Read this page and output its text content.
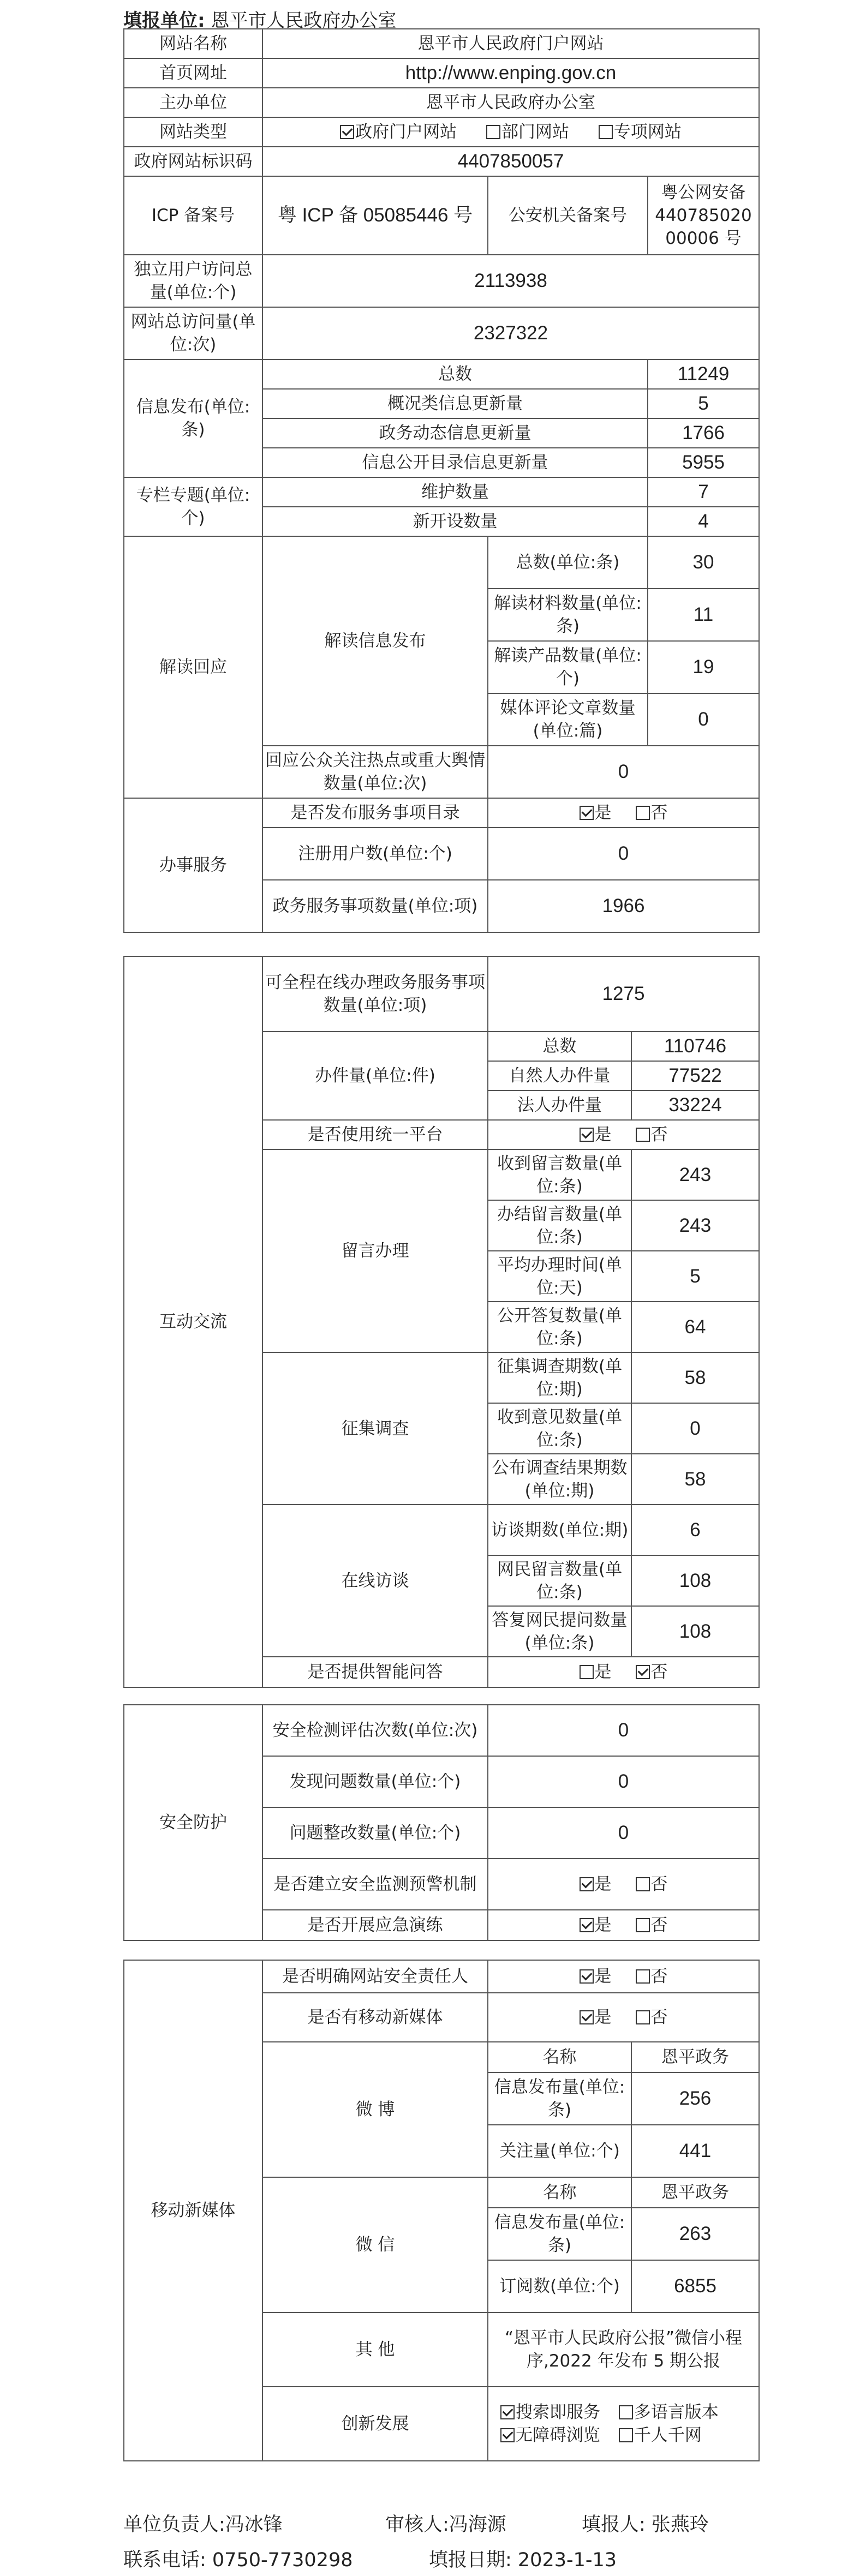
填报单位: 恩平市人民政府办公室
网站名称	恩平市人民政府门户网站		
首页网址	http://www.enping.gov.cn		
主办单位	恩平市人民政府办公室		
网站类型	政府门户网站 部门网站 专项网站		
政府网站标识码	4407850057		
ICP 备案号	粤 ICP 备 05085446 号	公安机关备案号	粤公网安备 440785020 00006 号
独立用户访问总量(单位:个)	2113938		
网站总访问量(单位:次)	2327322		
信息发布(单位:条)	总数		11249
	概况类信息更新量		5
	政务动态信息更新量		1766
	信息公开目录信息更新量		5955
专栏专题(单位:个)	维护数量		7
	新开设数量		4
解读回应	解读信息发布	总数(单位:条)	30
		解读材料数量(单位:条)	11
		解读产品数量(单位:个)	19
		媒体评论文章数量(单位:篇)	0
	回应公众关注热点或重大舆情数量(单位:次)	0	
办事服务	是否发布服务事项目录	是 否	
	注册用户数(单位:个)	0	
	政务服务事项数量(单位:项)	1966	
互动交流	可全程在线办理政务服务事项数量(单位:项)	1275	
	办件量(单位:件)	总数	110746
		自然人办件量	77522
		法人办件量	33224
	是否使用统一平台	是 否	
	留言办理	收到留言数量(单位:条)	243
		办结留言数量(单位:条)	243
		平均办理时间(单位:天)	5
		公开答复数量(单位:条)	64
	征集调查	征集调查期数(单位:期)	58
		收到意见数量(单位:条)	0
		公布调查结果期数(单位:期)	58
	在线访谈	访谈期数(单位:期)	6
		网民留言数量(单位:条)	108
		答复网民提问数量(单位:条)	108
	是否提供智能问答	是 否	
安全防护	安全检测评估次数(单位:次)	0
	发现问题数量(单位:个)	0
	问题整改数量(单位:个)	0
	是否建立安全监测预警机制	是 否
	是否开展应急演练	是 否
移动新媒体	是否明确网站安全责任人	是 否	
	是否有移动新媒体	是 否	
	微 博	名称	恩平政务
		信息发布量(单位:条)	256
		关注量(单位:个)	441
	微 信	名称	恩平政务
		信息发布量(单位:条)	263
		订阅数(单位:个)	6855
	其 他	“恩平市人民政府公报”微信小程序,2022 年发布 5 期公报	
	创新发展	搜索即服务 多语言版本 无障碍浏览 千人千网	
单位负责人:冯冰锋	审核人:冯海源	填报人: 张燕玲
联系电话: 0750-7730298	填报日期: 2023-1-13
